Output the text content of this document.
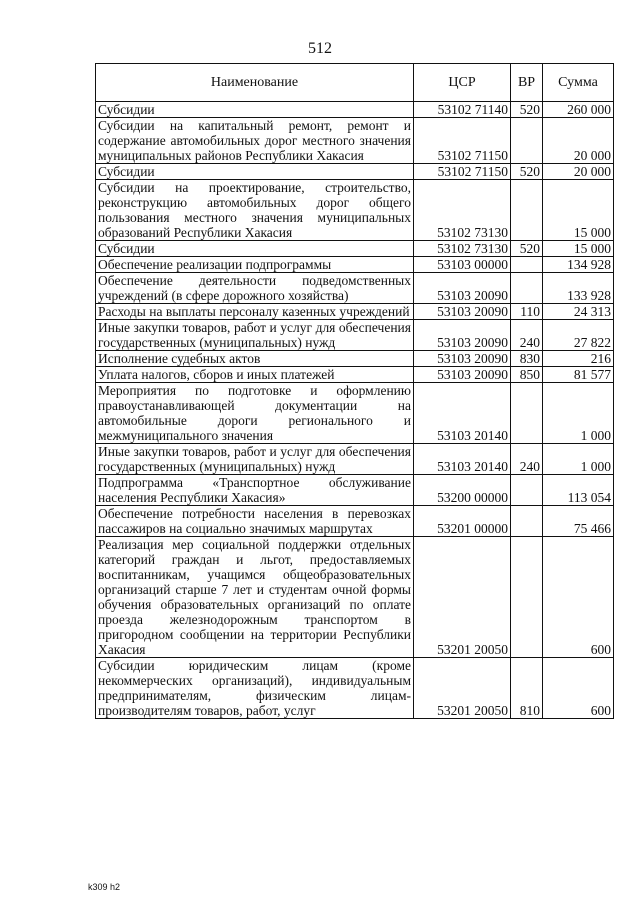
512
Наименование	ЦСР	ВР	Сумма
Субсидии	53102 71140	520	260 000
Субсидии на капитальный ремонт, ремонт и содержание автомобильных дорог местного значения муниципальных районов Республики Хакасия	53102 71150		20 000
Субсидии	53102 71150	520	20 000
Субсидии на проектирование, строительство, реконструкцию автомобильных дорог общего пользования местного значения муниципальных образований Республики Хакасия	53102 73130		15 000
Субсидии	53102 73130	520	15 000
Обеспечение реализации подпрограммы	53103 00000		134 928
Обеспечение деятельности подведомственных учреждений (в сфере дорожного хозяйства)	53103 20090		133 928
Расходы на выплаты персоналу казенных учреждений	53103 20090	110	24 313
Иные закупки товаров, работ и услуг для обеспечения государственных (муниципальных) нужд	53103 20090	240	27 822
Исполнение судебных актов	53103 20090	830	216
Уплата налогов, сборов и иных платежей	53103 20090	850	81 577
Мероприятия по подготовке и оформлению правоустанавливающей документации на автомобильные дороги регионального и межмуниципального значения	53103 20140		1 000
Иные закупки товаров, работ и услуг для обеспечения государственных (муниципальных) нужд	53103 20140	240	1 000
Подпрограмма «Транспортное обслуживание населения Республики Хакасия»	53200 00000		113 054
Обеспечение потребности населения в перевозках пассажиров на социально значимых маршрутах	53201 00000		75 466
Реализация мер социальной поддержки отдельных категорий граждан и льгот, предоставляемых воспитанникам, учащимся общеобразовательных организаций старше 7 лет и студентам очной формы обучения образовательных организаций по оплате проезда железнодорожным транспортом в пригородном сообщении на территории Республики Хакасия	53201 20050		600
Субсидии юридическим лицам (кроме некоммерческих организаций), индивидуальным предпринимателям, физическим лицам-производителям товаров, работ, услуг	53201 20050	810	600
k309 h2
